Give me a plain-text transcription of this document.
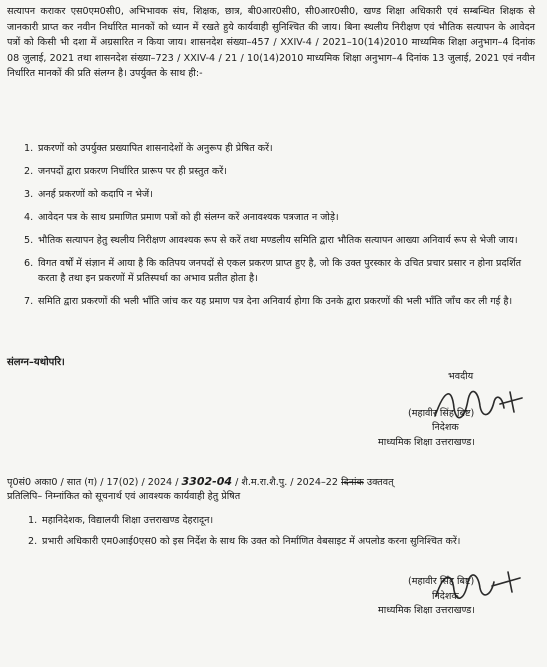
सत्यापन कराकर एस0एम0सी0, अभिभावक संघ, शिक्षक, छात्र, बी0आर0सी0, सी0आर0सी0, खण्ड शिक्षा अधिकारी एवं सम्बन्धित शिक्षक से जानकारी प्राप्त कर नवीन निर्धारित मानकों को ध्यान में रखते हुये कार्यवाही सुनिश्चित की जाय। बिना स्थलीय निरीक्षण एवं भौतिक सत्यापन के आवेदन पत्रों को किसी भी दशा में अग्रसारित न किया जाय। शासनदेश संख्या–457 / XXIV-4 / 2021–10(14)2010 माध्यमिक शिक्षा अनुभाग–4 दिनांक 08 जुलाई, 2021 तथा शासनदेश संख्या–723 / XXIV-4 / 21 / 10(14)2010 माध्यमिक शिक्षा अनुभाग–4 दिनांक 13 जुलाई, 2021 एवं नवीन निर्धारित मानकों की प्रति संलग्न है। उपर्युक्त के साथ ही:-
1. प्रकरणों को उपर्युक्त प्रख्यापित शासनादेशों के अनुरूप ही प्रेषित करें।
2. जनपदों द्वारा प्रकरण निर्धारित प्रारूप पर ही प्रस्तुत करें।
3. अनर्ह प्रकरणों को कदापि न भेजें।
4. आवेदन पत्र के साथ प्रमाणित प्रमाण पत्रों को ही संलग्न करें अनावश्यक पत्रजात न जोड़े।
5. भौतिक सत्यापन हेतु स्थलीय निरीक्षण आवश्यक रूप से करें तथा मण्डलीय समिति द्वारा भौतिक सत्यापन आख्या अनिवार्य रूप से भेजी जाय।
6. विगत वर्षों में संज्ञान में आया है कि कतिपय जनपदों से एकल प्रकरण प्राप्त हुए है, जो कि उक्त पुरस्कार के उचित प्रचार प्रसार न होना प्रदर्शित करता है तथा इन प्रकरणों में प्रतिस्पर्धा का अभाव प्रतीत होता है।
7. समिति द्वारा प्रकरणों की भली भाँति जांच कर यह प्रमाण पत्र देना अनिवार्य होगा कि उनके द्वारा प्रकरणों की भली भाँति जाँच कर ली गई है।
संलग्न–यथोपरि।
भवदीय
(महावीर सिंह बिष्ट)
निदेशक
माध्यमिक शिक्षा उत्तराखण्ड।
पृ0सं0 अका0 / सात (ग) / 17(02) / 2024 / 3302-04 / शै.म.रा.शै.पु. / 2024–22 दिनांक उक्तवत्
प्रतिलिपि– निम्नांकित को सूचनार्थ एवं आवश्यक कार्यवाही हेतु प्रेषित
1. महानिदेशक, विद्यालयी शिक्षा उत्तराखण्ड देहरादून।
2. प्रभारी अधिकारी एम0आई0एस0 को इस निर्देश के साथ कि उक्त को निर्माणित वेबसाइट में अपलोड करना सुनिश्चित करें।
(महावीर सिंह बिष्ट)
निदेशक
माध्यमिक शिक्षा उत्तराखण्ड।
